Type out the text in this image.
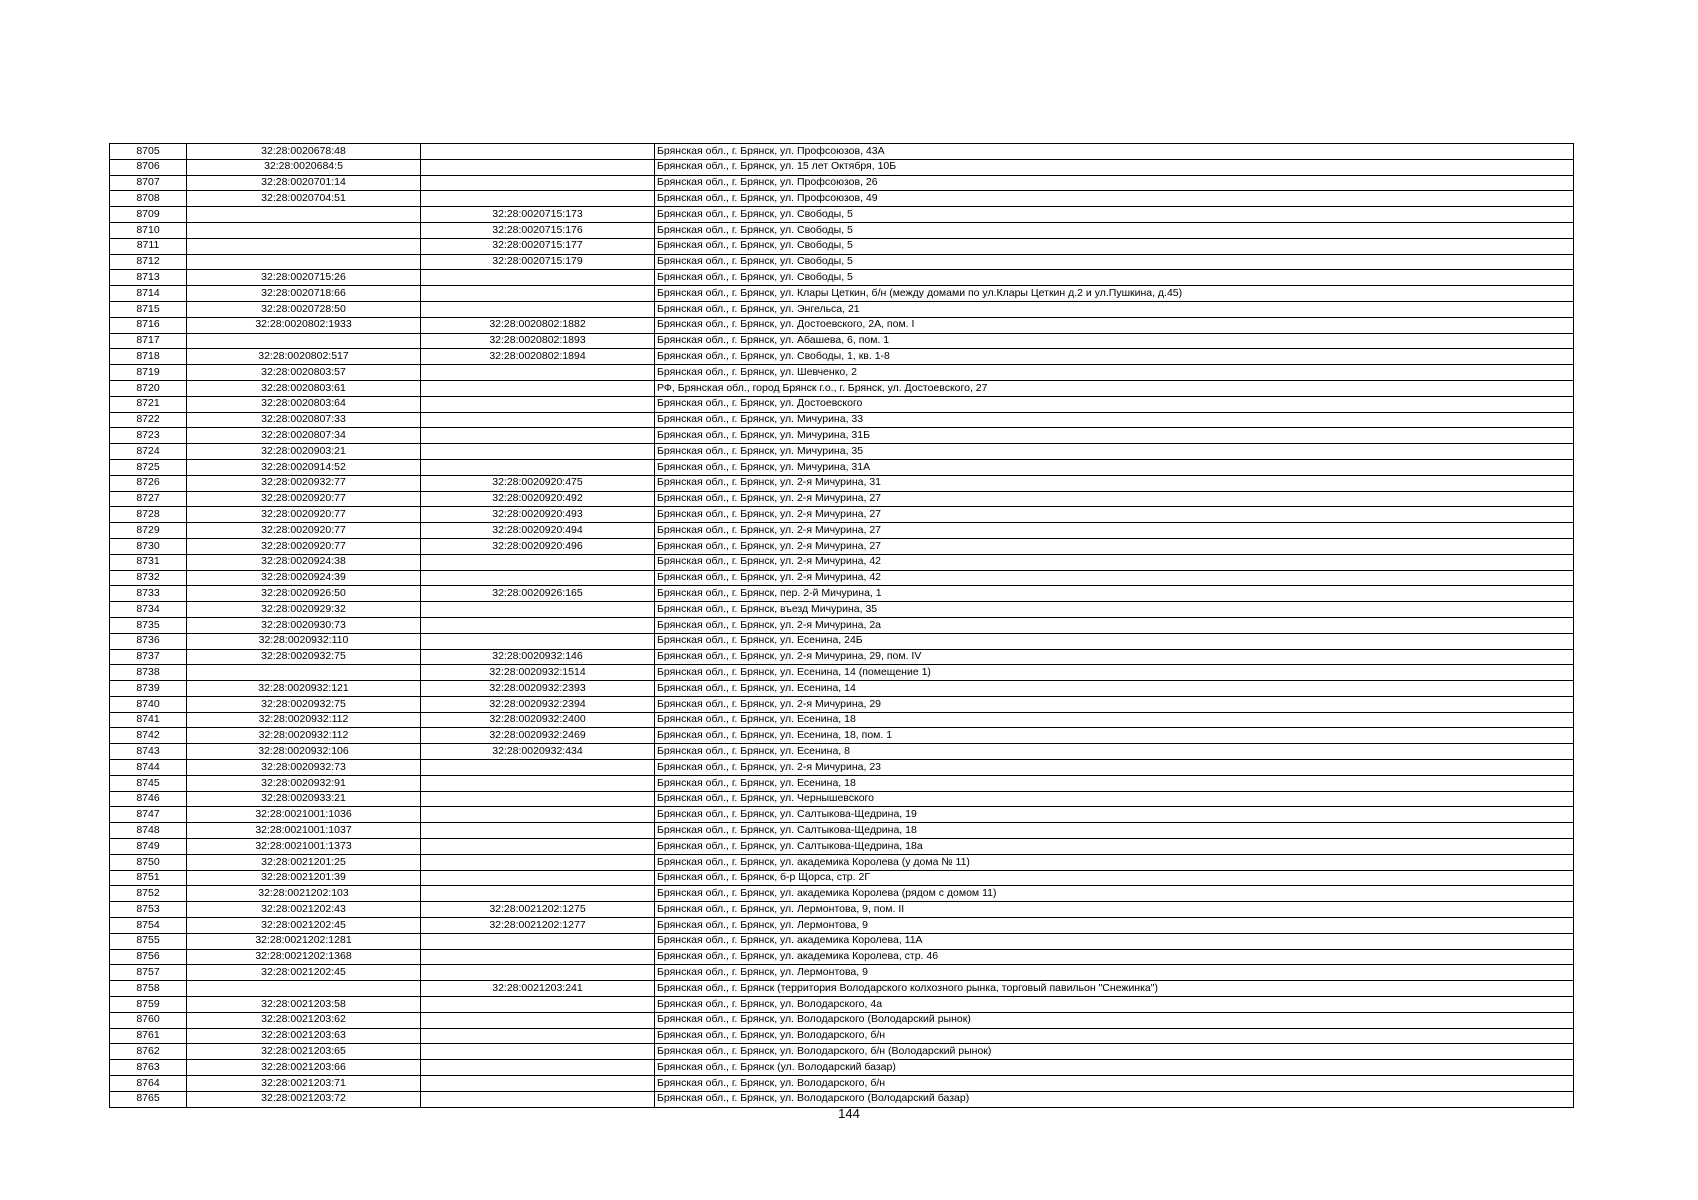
8705	32:28:0020678:48		Брянская обл., г. Брянск, ул. Профсоюзов, 43А
8706	32:28:0020684:5		Брянская обл., г. Брянск, ул. 15 лет Октября, 10Б
8707	32:28:0020701:14		Брянская обл., г. Брянск, ул. Профсоюзов, 26
8708	32:28:0020704:51		Брянская обл., г. Брянск, ул. Профсоюзов, 49
8709		32:28:0020715:173	Брянская обл., г. Брянск, ул. Свободы, 5
8710		32:28:0020715:176	Брянская обл., г. Брянск, ул. Свободы, 5
8711		32:28:0020715:177	Брянская обл., г. Брянск, ул. Свободы, 5
8712		32:28:0020715:179	Брянская обл., г. Брянск, ул. Свободы, 5
8713	32:28:0020715:26		Брянская обл., г. Брянск, ул. Свободы, 5
8714	32:28:0020718:66		Брянская обл., г. Брянск, ул. Клары Цеткин, б/н (между домами по ул.Клары Цеткин д.2 и ул.Пушкина, д.45)
8715	32:28:0020728:50		Брянская обл., г. Брянск, ул. Энгельса, 21
8716	32:28:0020802:1933	32:28:0020802:1882	Брянская обл., г. Брянск, ул. Достоевского, 2А, пом. I
8717		32:28:0020802:1893	Брянская обл., г. Брянск, ул. Абашева, 6, пом. 1
8718	32:28:0020802:517	32:28:0020802:1894	Брянская обл., г. Брянск, ул. Свободы, 1, кв. 1-8
8719	32:28:0020803:57		Брянская обл., г. Брянск, ул. Шевченко, 2
8720	32:28:0020803:61		РФ, Брянская обл., город Брянск г.о., г. Брянск, ул. Достоевского, 27
8721	32:28:0020803:64		Брянская обл., г. Брянск, ул. Достоевского
8722	32:28:0020807:33		Брянская обл., г. Брянск, ул. Мичурина, 33
8723	32:28:0020807:34		Брянская обл., г. Брянск, ул. Мичурина, 31Б
8724	32:28:0020903:21		Брянская обл., г. Брянск, ул. Мичурина, 35
8725	32:28:0020914:52		Брянская обл., г. Брянск, ул. Мичурина, 31А
8726	32:28:0020932:77	32:28:0020920:475	Брянская обл., г. Брянск, ул. 2-я Мичурина, 31
8727	32:28:0020920:77	32:28:0020920:492	Брянская обл., г. Брянск, ул. 2-я Мичурина, 27
8728	32:28:0020920:77	32:28:0020920:493	Брянская обл., г. Брянск, ул. 2-я Мичурина, 27
8729	32:28:0020920:77	32:28:0020920:494	Брянская обл., г. Брянск, ул. 2-я Мичурина, 27
8730	32:28:0020920:77	32:28:0020920:496	Брянская обл., г. Брянск, ул. 2-я Мичурина, 27
8731	32:28:0020924:38		Брянская обл., г. Брянск, ул. 2-я Мичурина, 42
8732	32:28:0020924:39		Брянская обл., г. Брянск, ул. 2-я Мичурина, 42
8733	32:28:0020926:50	32:28:0020926:165	Брянская обл., г. Брянск, пер. 2-й Мичурина, 1
8734	32:28:0020929:32		Брянская обл., г. Брянск, въезд Мичурина, 35
8735	32:28:0020930:73		Брянская обл., г. Брянск, ул. 2-я Мичурина, 2а
8736	32:28:0020932:110		Брянская обл., г. Брянск, ул. Есенина, 24Б
8737	32:28:0020932:75	32:28:0020932:146	Брянская обл., г. Брянск, ул. 2-я Мичурина, 29, пом. IV
8738		32:28:0020932:1514	Брянская обл., г. Брянск, ул. Есенина, 14 (помещение 1)
8739	32:28:0020932:121	32:28:0020932:2393	Брянская обл., г. Брянск, ул. Есенина, 14
8740	32:28:0020932:75	32:28:0020932:2394	Брянская обл., г. Брянск, ул. 2-я Мичурина, 29
8741	32:28:0020932:112	32:28:0020932:2400	Брянская обл., г. Брянск, ул. Есенина, 18
8742	32:28:0020932:112	32:28:0020932:2469	Брянская обл., г. Брянск, ул. Есенина, 18, пом. 1
8743	32:28:0020932:106	32:28:0020932:434	Брянская обл., г. Брянск, ул. Есенина, 8
8744	32:28:0020932:73		Брянская обл., г. Брянск, ул. 2-я Мичурина, 23
8745	32:28:0020932:91		Брянская обл., г. Брянск, ул. Есенина, 18
8746	32:28:0020933:21		Брянская обл., г. Брянск, ул. Чернышевского
8747	32:28:0021001:1036		Брянская обл., г. Брянск, ул. Салтыкова-Щедрина, 19
8748	32:28:0021001:1037		Брянская обл., г. Брянск, ул. Салтыкова-Щедрина, 18
8749	32:28:0021001:1373		Брянская обл., г. Брянск, ул. Салтыкова-Щедрина, 18а
8750	32:28:0021201:25		Брянская обл., г. Брянск, ул. академика Королева (у дома № 11)
8751	32:28:0021201:39		Брянская обл., г. Брянск, б-р Щорса, стр. 2Г
8752	32:28:0021202:103		Брянская обл., г. Брянск, ул. академика Королева (рядом с домом 11)
8753	32:28:0021202:43	32:28:0021202:1275	Брянская обл., г. Брянск, ул. Лермонтова, 9, пом. II
8754	32:28:0021202:45	32:28:0021202:1277	Брянская обл., г. Брянск, ул. Лермонтова, 9
8755	32:28:0021202:1281		Брянская обл., г. Брянск, ул. академика Королева, 11А
8756	32:28:0021202:1368		Брянская обл., г. Брянск, ул. академика Королева, стр. 46
8757	32:28:0021202:45		Брянская обл., г. Брянск, ул. Лермонтова, 9
8758		32:28:0021203:241	Брянская обл., г. Брянск (территория Володарского колхозного рынка, торговый павильон "Снежинка")
8759	32:28:0021203:58		Брянская обл., г. Брянск, ул. Володарского, 4а
8760	32:28:0021203:62		Брянская обл., г. Брянск, ул. Володарского (Володарский рынок)
8761	32:28:0021203:63		Брянская обл., г. Брянск, ул. Володарского, б/н
8762	32:28:0021203:65		Брянская обл., г. Брянск, ул. Володарского, б/н (Володарский рынок)
8763	32:28:0021203:66		Брянская обл., г. Брянск (ул. Володарский базар)
8764	32:28:0021203:71		Брянская обл., г. Брянск, ул. Володарского, б/н
8765	32:28:0021203:72		Брянская обл., г. Брянск, ул. Володарского (Володарский базар)
144
